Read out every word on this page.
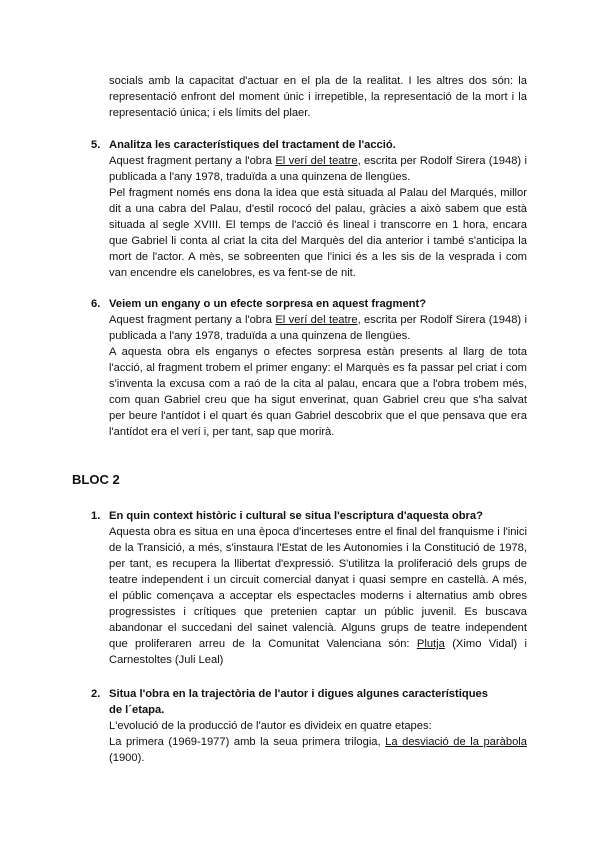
socials amb la capacitat d'actuar en el pla de la realitat. I les altres dos són: la representació enfront del moment únic i irrepetible, la representació de la mort i la representació única; i els límits del plaer.

5. Analitza les característiques del tractament de l'acció.

Aquest fragment pertany a l'obra El verí del teatre, escrita per Rodolf Sirera (1948) i publicada a l'any 1978, traduïda a una quinzena de llengües.

Pel fragment només ens dona la idea que està situada al Palau del Marqués, millor dit a una cabra del Palau, d'estil rococó del palau, gràcies a això sabem que està situada al segle XVIII. El temps de l'acció és lineal i transcorre en 1 hora, encara que Gabriel li conta al criat la cita del Marquès del dia anterior i també s'anticipa la mort de l'actor. A mès, se sobreenten que l'inici és a les sis de la vesprada i com van encendre els canelobres, es va fent-se de nit.

6. Veiem un engany o un efecte sorpresa en aquest fragment?

Aquest fragment pertany a l'obra El verí del teatre, escrita per Rodolf Sirera (1948) i publicada a l'any 1978, traduïda a una quinzena de llengües.

A aquesta obra els enganys o efectes sorpresa estàn presents al llarg de tota l'acció, al fragment trobem el primer engany: el Marquès es fa passar pel criat i com s'inventa la excusa com a raó de la cita al palau, encara que a l'obra trobem més, com quan Gabriel creu que ha sigut enverinat, quan Gabriel creu que s'ha salvat per beure l'antídot i el quart és quan Gabriel descobrix que el que pensava que era l'antídot era el verí i, per tant, sap que morirà.

BLOC 2

1. En quin context històric i cultural se situa l'escriptura d'aquesta obra?

Aquesta obra es situa en una època d'incerteses entre el final del franquisme i l'inici de la Transició, a més, s'instaura l'Estat de les Autonomies i la Constitució de 1978, per tant, es recupera la llibertat d'expressió. S'utilitza la proliferació dels grups de teatre independent i un circuit comercial danyat i quasi sempre en castellà. A més, el públic començava a acceptar els espectacles moderns i alternatius amb obres progressistes i crítiques que pretenien captar un públic juvenil. Es buscava abandonar el succedani del sainet valencià. Alguns grups de teatre independent que proliferaren arreu de la Comunitat Valenciana són: Plutja (Ximo Vidal) i Carnestoltes (Juli Leal)

2. Situa l'obra en la trajectòria de l'autor i digues algunes característiques

de l´etapa.

L'evolució de la producció de l'autor es divideix en quatre etapes:

La primera (1969-1977) amb la seua primera trilogia, La desviació de la paràbola (1900).
